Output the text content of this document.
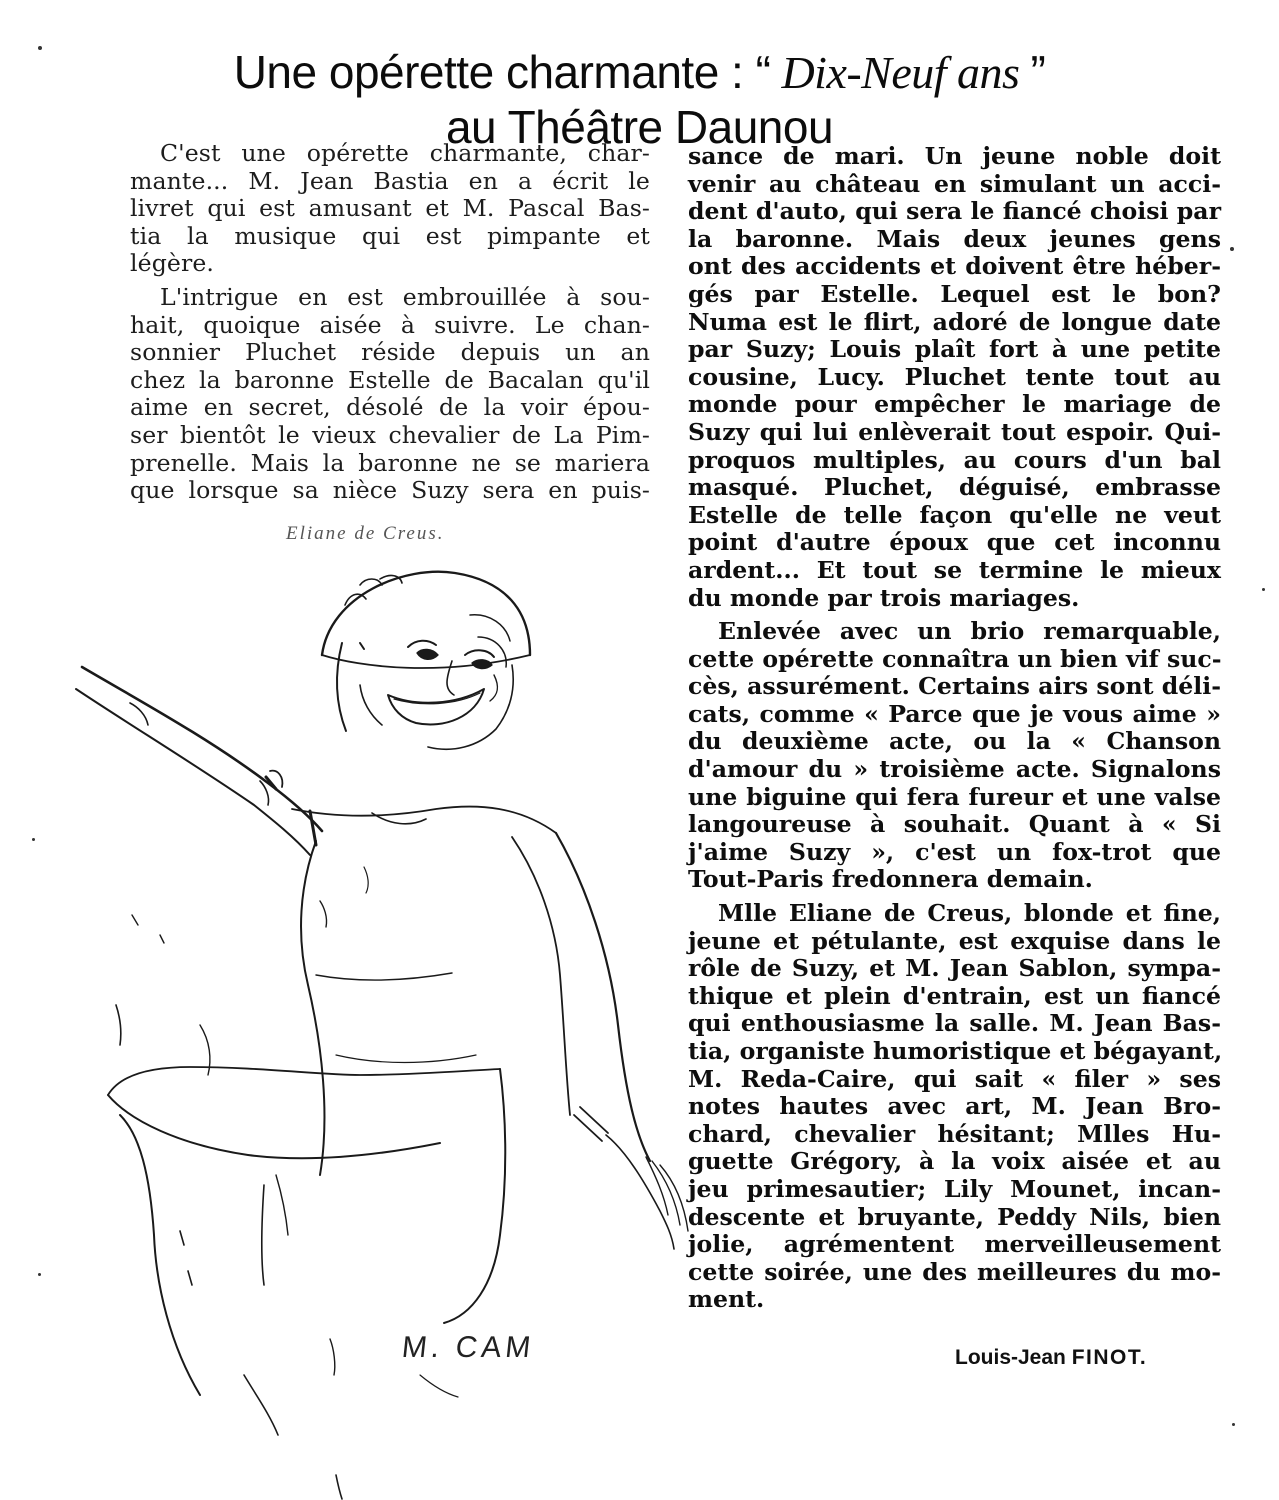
Une opérette charmante : “ Dix-Neuf ans ”
au Théâtre Daunou

C'est une opérette charmante, char-
mante... M. Jean Bastia en a écrit le
livret qui est amusant et M. Pascal Bas-
tia la musique qui est pimpante et
légère.

L'intrigue en est embrouillée à sou-
hait, quoique aisée à suivre. Le chan-
sonnier Pluchet réside depuis un an
chez la baronne Estelle de Bacalan qu'il
aime en secret, désolé de la voir épou-
ser bientôt le vieux chevalier de La Pim-
prenelle. Mais la baronne ne se mariera
que lorsque sa nièce Suzy sera en puis-

Eliane de Creus.
M. CAM

sance de mari. Un jeune noble doit
venir au château en simulant un acci-
dent d'auto, qui sera le fiancé choisi par
la baronne. Mais deux jeunes gens
ont des accidents et doivent être héber-
gés par Estelle. Lequel est le bon?
Numa est le flirt, adoré de longue date
par Suzy; Louis plaît fort à une petite
cousine, Lucy. Pluchet tente tout au
monde pour empêcher le mariage de
Suzy qui lui enlèverait tout espoir. Qui-
proquos multiples, au cours d'un bal
masqué. Pluchet, déguisé, embrasse
Estelle de telle façon qu'elle ne veut
point d'autre époux que cet inconnu
ardent... Et tout se termine le mieux
du monde par trois mariages.

Enlevée avec un brio remarquable,
cette opérette connaîtra un bien vif suc-
cès, assurément. Certains airs sont déli-
cats, comme « Parce que je vous aime »
du deuxième acte, ou la « Chanson
d'amour du » troisième acte. Signalons
une biguine qui fera fureur et une valse
langoureuse à souhait. Quant à « Si
j'aime Suzy », c'est un fox-trot que
Tout-Paris fredonnera demain.

Mlle Eliane de Creus, blonde et fine,
jeune et pétulante, est exquise dans le
rôle de Suzy, et M. Jean Sablon, sympa-
thique et plein d'entrain, est un fiancé
qui enthousiasme la salle. M. Jean Bas-
tia, organiste humoristique et bégayant,
M. Reda-Caire, qui sait « filer » ses
notes hautes avec art, M. Jean Bro-
chard, chevalier hésitant; Mlles Hu-
guette Grégory, à la voix aisée et au
jeu primesautier; Lily Mounet, incan-
descente et bruyante, Peddy Nils, bien
jolie, agrémentent merveilleusement
cette soirée, une des meilleures du mo-
ment.

Louis-Jean FINOT.
